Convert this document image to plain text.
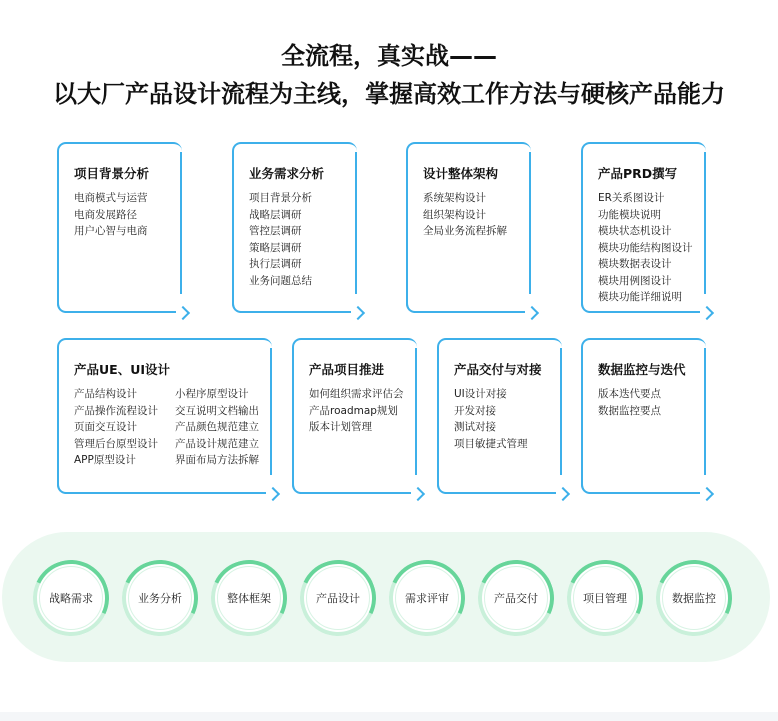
全流程，真实战——
以大厂产品设计流程为主线，掌握高效工作方法与硬核产品能力
项目背景分析
电商模式与运营
电商发展路径
用户心智与电商
业务需求分析
项目背景分析
战略层调研
管控层调研
策略层调研
执行层调研
业务问题总结
设计整体架构
系统架构设计
组织架构设计
全局业务流程拆解
产品PRD撰写
ER关系图设计
功能模块说明
模块状态机设计
模块功能结构图设计
模块数据表设计
模块用例图设计
模块功能详细说明
产品UE、UI设计
产品结构设计
产品操作流程设计
页面交互设计
管理后台原型设计
APP原型设计
小程序原型设计
交互说明文档输出
产品颜色规范建立
产品设计规范建立
界面布局方法拆解
产品项目推进
如何组织需求评估会
产品roadmap规划
版本计划管理
产品交付与对接
UI设计对接
开发对接
测试对接
项目敏捷式管理
数据监控与迭代
版本迭代要点
数据监控要点
战略需求	业务分析	整体框架	产品设计	需求评审	产品交付	项目管理	数据监控
